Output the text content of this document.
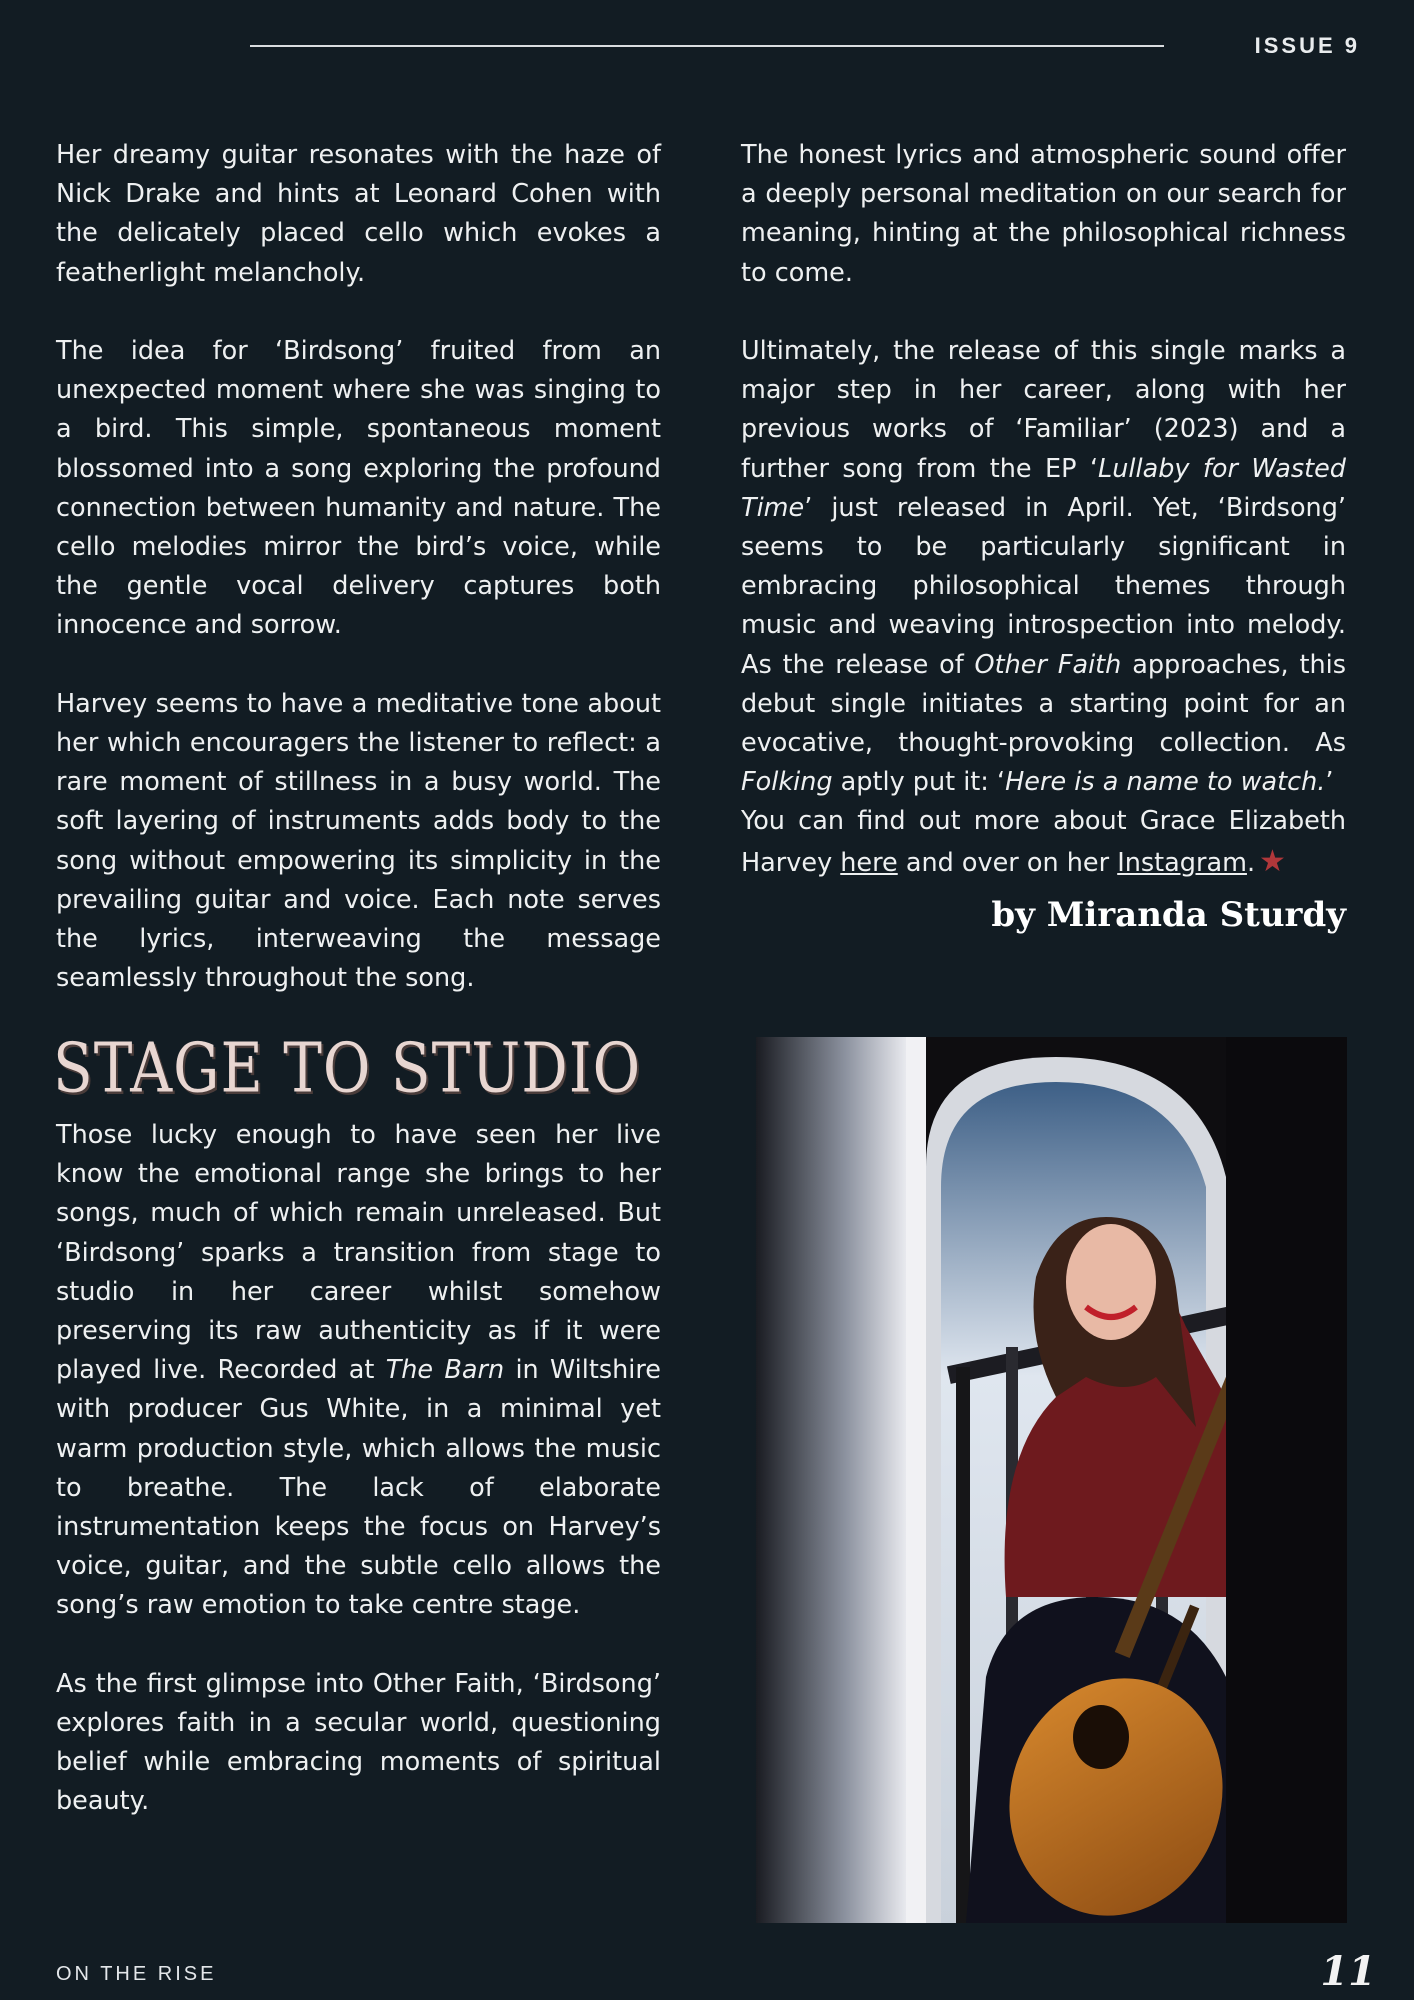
ISSUE 9

Her dreamy guitar resonates with the haze of Nick Drake and hints at Leonard Cohen with the delicately placed cello which evokes a featherlight melancholy.

The idea for ‘Birdsong’ fruited from an unexpected moment where she was singing to a bird. This simple, spontaneous moment blossomed into a song exploring the profound connection between humanity and nature. The cello melodies mirror the bird’s voice, while the gentle vocal delivery captures both innocence and sorrow.

Harvey seems to have a meditative tone about her which encouragers the listener to reflect: a rare moment of stillness in a busy world. The soft layering of instruments adds body to the song without empowering its simplicity in the prevailing guitar and voice. Each note serves the lyrics, interweaving the message seamlessly throughout the song.

STAGE TO STUDIO

Those lucky enough to have seen her live know the emotional range she brings to her songs, much of which remain unreleased. But ‘Birdsong’ sparks a transition from stage to studio in her career whilst somehow preserving its raw authenticity as if it were played live. Recorded at The Barn in Wiltshire with producer Gus White, in a minimal yet warm production style, which allows the music to breathe. The lack of elaborate instrumentation keeps the focus on Harvey’s voice, guitar, and the subtle cello allows the song’s raw emotion to take centre stage.

As the first glimpse into Other Faith, ‘Birdsong’ explores faith in a secular world, questioning belief while embracing moments of spiritual beauty.

The honest lyrics and atmospheric sound offer a deeply personal meditation on our search for meaning, hinting at the philosophical richness to come.

Ultimately, the release of this single marks a major step in her career, along with her previous works of ‘Familiar’ (2023) and a further song from the EP ‘Lullaby for Wasted Time’ just released in April. Yet, ‘Birdsong’ seems to be particularly significant in embracing philosophical themes through music and weaving introspection into melody. As the release of Other Faith approaches, this debut single initiates a starting point for an evocative, thought-provoking collection. As Folking aptly put it: ‘Here is a name to watch.’

You can find out more about Grace Elizabeth Harvey here and over on her Instagram. ★

by Miranda Sturdy
ON THE RISE	11
